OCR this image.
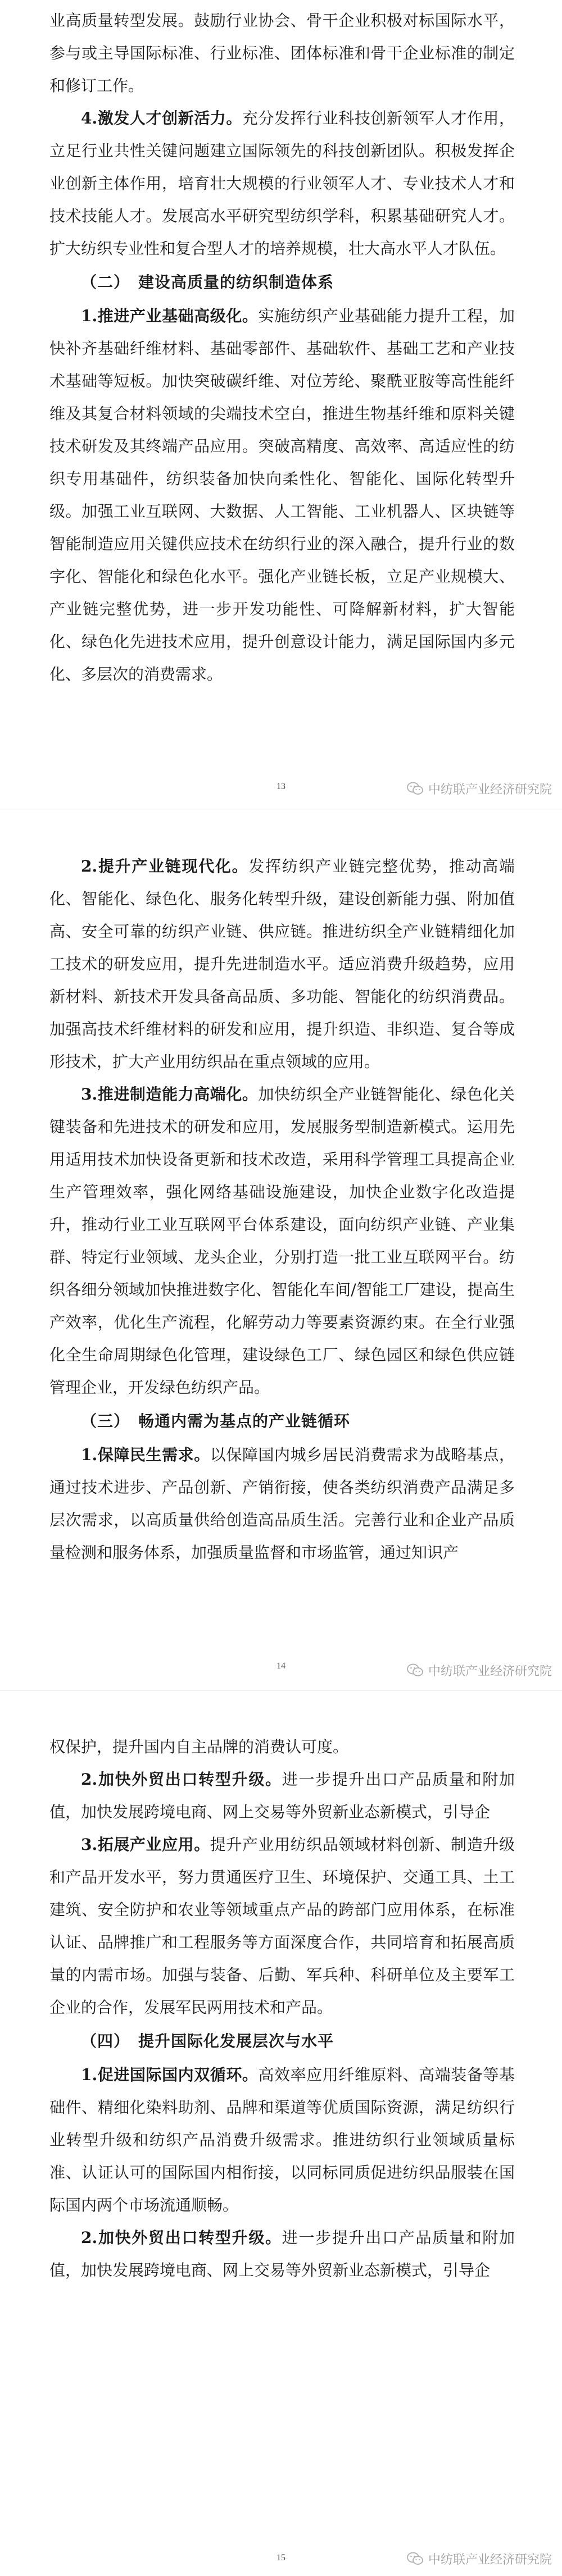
业高质量转型发展。鼓励行业协会、骨干企业积极对标国际水平，参与或主导国际标准、行业标准、团体标准和骨干企业标准的制定和修订工作。

4.激发人才创新活力。充分发挥行业科技创新领军人才作用，立足行业共性关键问题建立国际领先的科技创新团队。积极发挥企业创新主体作用，培育壮大规模的行业领军人才、专业技术人才和技术技能人才。发展高水平研究型纺织学科，积累基础研究人才。扩大纺织专业性和复合型人才的培养规模，壮大高水平人才队伍。

（二）　建设高质量的纺织制造体系

1.推进产业基础高级化。实施纺织产业基础能力提升工程，加快补齐基础纤维材料、基础零部件、基础软件、基础工艺和产业技术基础等短板。加快突破碳纤维、对位芳纶、聚酰亚胺等高性能纤维及其复合材料领域的尖端技术空白，推进生物基纤维和原料关键技术研发及其终端产品应用。突破高精度、高效率、高适应性的纺织专用基础件，纺织装备加快向柔性化、智能化、国际化转型升级。加强工业互联网、大数据、人工智能、工业机器人、区块链等智能制造应用关键供应技术在纺织行业的深入融合，提升行业的数字化、智能化和绿色化水平。强化产业链长板，立足产业规模大、产业链完整优势，进一步开发功能性、可降解新材料，扩大智能化、绿色化先进技术应用，提升创意设计能力，满足国际国内多元化、多层次的消费需求。

13	中纺联产业经济研究院

2.提升产业链现代化。发挥纺织产业链完整优势，推动高端化、智能化、绿色化、服务化转型升级，建设创新能力强、附加值高、安全可靠的纺织产业链、供应链。推进纺织全产业链精细化加工技术的研发应用，提升先进制造水平。适应消费升级趋势，应用新材料、新技术开发具备高品质、多功能、智能化的纺织消费品。加强高技术纤维材料的研发和应用，提升织造、非织造、复合等成形技术，扩大产业用纺织品在重点领域的应用。

3.推进制造能力高端化。加快纺织全产业链智能化、绿色化关键装备和先进技术的研发和应用，发展服务型制造新模式。运用先用适用技术加快设备更新和技术改造，采用科学管理工具提高企业生产管理效率，强化网络基础设施建设，加快企业数字化改造提升，推动行业工业互联网平台体系建设，面向纺织产业链、产业集群、特定行业领域、龙头企业，分别打造一批工业互联网平台。纺织各细分领域加快推进数字化、智能化车间/智能工厂建设，提高生产效率，优化生产流程，化解劳动力等要素资源约束。在全行业强化全生命周期绿色化管理，建设绿色工厂、绿色园区和绿色供应链管理企业，开发绿色纺织产品。

（三）　畅通内需为基点的产业链循环

1.保障民生需求。以保障国内城乡居民消费需求为战略基点，通过技术进步、产品创新、产销衔接，使各类纺织消费产品满足多层次需求，以高质量供给创造高品质生活。完善行业和企业产品质量检测和服务体系，加强质量监督和市场监管，通过知识产

14	中纺联产业经济研究院

权保护，提升国内自主品牌的消费认可度。

2.加快外贸出口转型升级。进一步提升出口产品质量和附加值，加快发展跨境电商、网上交易等外贸新业态新模式，引导企

3.拓展产业应用。提升产业用纺织品领域材料创新、制造升级和产品开发水平，努力贯通医疗卫生、环境保护、交通工具、土工建筑、安全防护和农业等领域重点产品的跨部门应用体系，在标准认证、品牌推广和工程服务等方面深度合作，共同培育和拓展高质量的内需市场。加强与装备、后勤、军兵种、科研单位及主要军工企业的合作，发展军民两用技术和产品。

（四）　提升国际化发展层次与水平

1.促进国际国内双循环。高效率应用纤维原料、高端装备等基础件、精细化染料助剂、品牌和渠道等优质国际资源，满足纺织行业转型升级和纺织产品消费升级需求。推进纺织行业领域质量标准、认证认可的国际国内相衔接，以同标同质促进纺织品服装在国际国内两个市场流通顺畅。

2.加快外贸出口转型升级。进一步提升出口产品质量和附加值，加快发展跨境电商、网上交易等外贸新业态新模式，引导企

15	中纺联产业经济研究院
